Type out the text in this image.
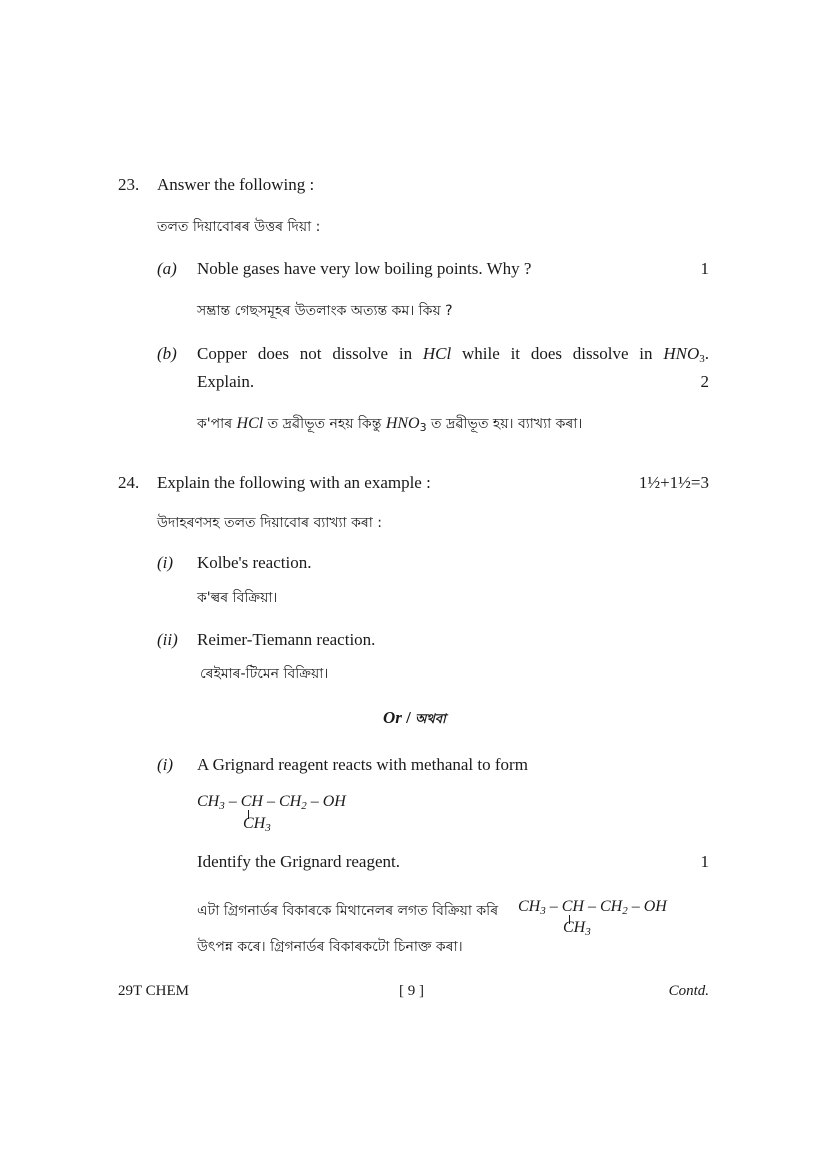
23. Answer the following :
তলত দিয়াবোৰৰ উত্তৰ দিয়া :
(a) Noble gases have very low boiling points. Why ?	1
সম্ভ্ৰান্ত গেছসমূহৰ উতলাংক অত্যন্ত কম। কিয় ?
(b) Copper does not dissolve in HCl while it does dissolve in $HNO_3$.
Explain.	2
ক'পাৰ HCl ত দ্ৰৱীভূত নহয় কিন্তু $HNO_3$ ত দ্ৰৱীভূত হয়। ব্যাখ্যা কৰা।
24. Explain the following with an example :	1½+1½=3
উদাহৰণসহ তলত দিয়াবোৰ ব্যাখ্যা কৰা :
(i) Kolbe's reaction.
ক'ল্বৰ বিক্ৰিয়া।
(ii) Reimer-Tiemann reaction.
ৰেইমাৰ-টিমেন বিক্ৰিয়া।
Or / অথবা
(i) A Grignard reagent reacts with methanal to form
$CH_3$ – CH – $CH_2$ – OH
$CH_3$
Identify the Grignard reagent.	1
এটা গ্ৰিগনাৰ্ডৰ বিকাৰকে মিথানেলৰ লগত বিক্ৰিয়া কৰি $CH_3$ – CH – $CH_2$ – OH
$CH_3$
উৎপন্ন কৰে। গ্ৰিগনাৰ্ডৰ বিকাৰকটো চিনাক্ত কৰা।
29T CHEM	[ 9 ]	Contd.
